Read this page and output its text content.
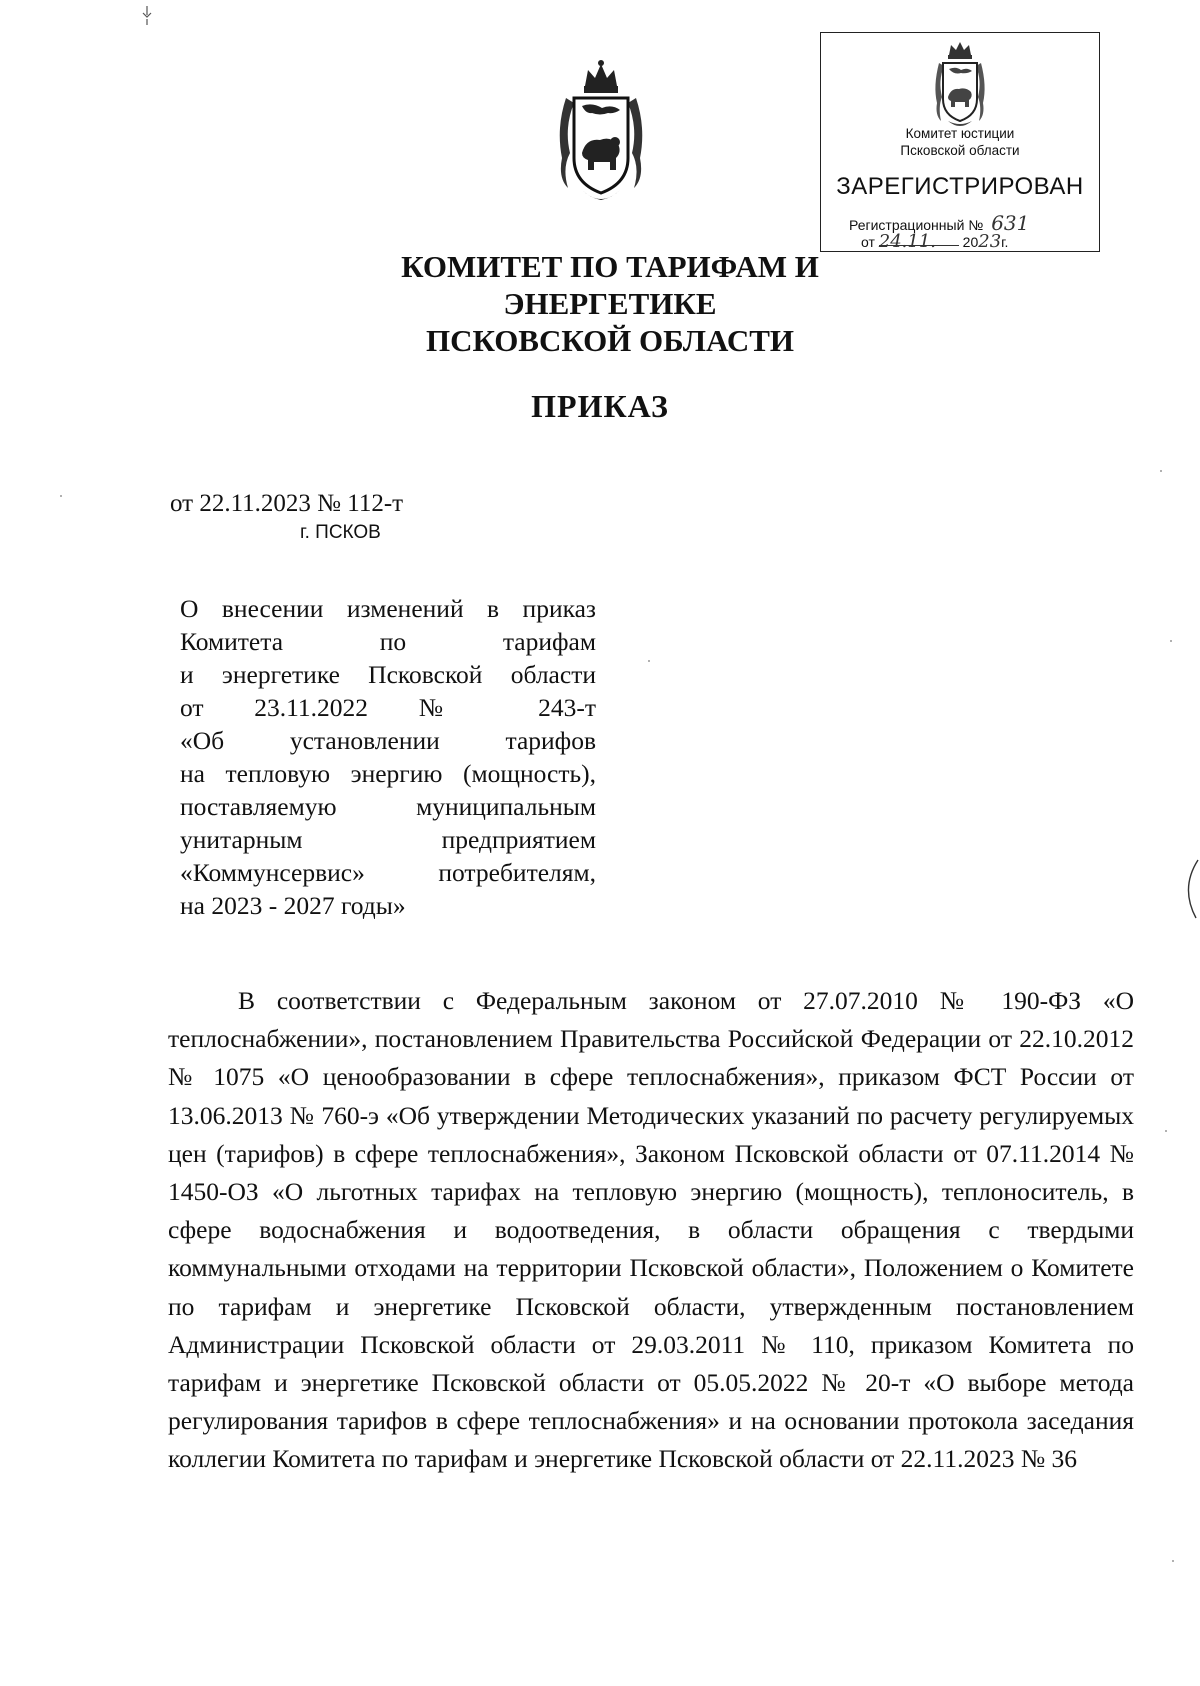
Комитет юстиции
Псковской области
ЗАРЕГИСТРИРОВАН
Регистрационный № 631
от 24.11. 2023г.
КОМИТЕТ ПО ТАРИФАМ И ЭНЕРГЕТИКЕ
ПСКОВСКОЙ ОБЛАСТИ
ПРИКАЗ
от 22.11.2023 № 112-т
г. ПСКОВ
О внесении изменений в приказ
Комитета по тарифам
и энергетике Псковской области
от 23.11.2022 № 243-т
«Об установлении тарифов
на тепловую энергию (мощность),
поставляемую муниципальным
унитарным предприятием
«Коммунсервис» потребителям,
на 2023 - 2027 годы»
В соответствии с Федеральным законом от 27.07.2010 № 190-ФЗ «О теплоснабжении», постановлением Правительства Российской Федерации от 22.10.2012 № 1075 «О ценообразовании в сфере теплоснабжения», приказом ФСТ России от 13.06.2013 № 760-э «Об утверждении Методических указаний по расчету регулируемых цен (тарифов) в сфере теплоснабжения», Законом Псковской области от 07.11.2014 № 1450-ОЗ «О льготных тарифах на тепловую энергию (мощность), теплоноситель, в сфере водоснабжения и водоотведения, в области обращения с твердыми коммунальными отходами на территории Псковской области», Положением о Комитете по тарифам и энергетике Псковской области, утвержденным постановлением Администрации Псковской области от 29.03.2011 № 110, приказом Комитета по тарифам и энергетике Псковской области от 05.05.2022 № 20-т «О выборе метода регулирования тарифов в сфере теплоснабжения» и на основании протокола заседания коллегии Комитета по тарифам и энергетике Псковской области от 22.11.2023 № 36
